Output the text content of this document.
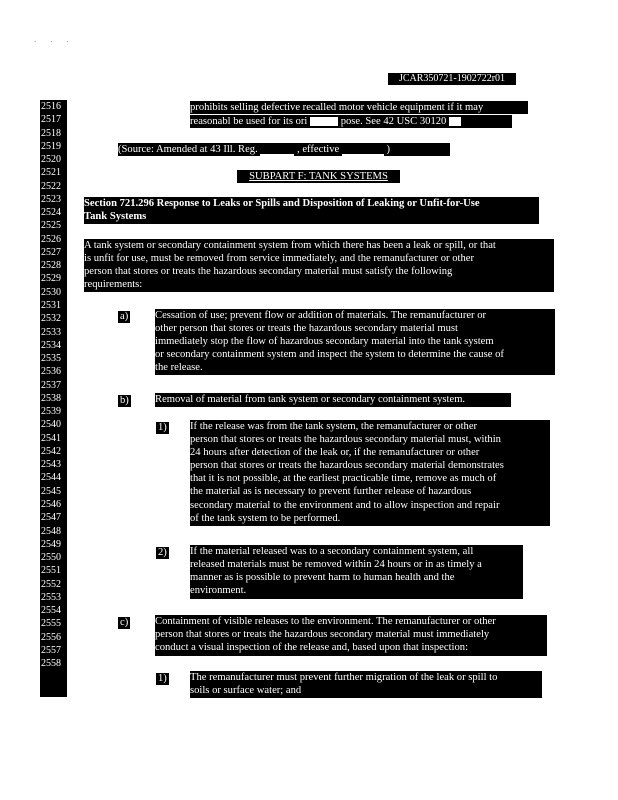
· · ·
JCAR350721-1902722r01
2516
2517
2518
2519
2520
2521
2522
2523
2524
2525
2526
2527
2528
2529
2530
2531
2532
2533
2534
2535
2536
2537
2538
2539
2540
2541
2542
2543
2544
2545
2546
2547
2548
2549
2550
2551
2552
2553
2554
2555
2556
2557
2558
prohibits selling defective recalled motor vehicle equipment if it may
reasonabl be used for its ori	pose. See 42 USC 30120
(Source: Amended at 43 Ill. Reg.	, effective	)
SUBPART F: TANK SYSTEMS
Section 721.296 Response to Leaks or Spills and Disposition of Leaking or Unfit-for-Use
Tank Systems
A tank system or secondary containment system from which there has been a leak or spill, or that
is unfit for use, must be removed from service immediately, and the remanufacturer or other
person that stores or treats the hazardous secondary material must satisfy the following
requirements:
a)	Cessation of use; prevent flow or addition of materials. The remanufacturer or
other person that stores or treats the hazardous secondary material must
immediately stop the flow of hazardous secondary material into the tank system
or secondary containment system and inspect the system to determine the cause of
the release.
b) Removal of material from tank system or secondary containment system.
1) If the release was from the tank system, the remanufacturer or other
person that stores or treats the hazardous secondary material must, within
24 hours after detection of the leak or, if the remanufacturer or other
person that stores or treats the hazardous secondary material demonstrates
that it is not possible, at the earliest practicable time, remove as much of
the material as is necessary to prevent further release of hazardous
secondary material to the environment and to allow inspection and repair
of the tank system to be performed.
2) If the material released was to a secondary containment system, all
released materials must be removed within 24 hours or in as timely a
manner as is possible to prevent harm to human health and the
environment.
c)	Containment of visible releases to the environment. The remanufacturer or other
person that stores or treats the hazardous secondary material must immediately
conduct a visual inspection of the release and, based upon that inspection:
1) The remanufacturer must prevent further migration of the leak or spill to
soils or surface water; and
